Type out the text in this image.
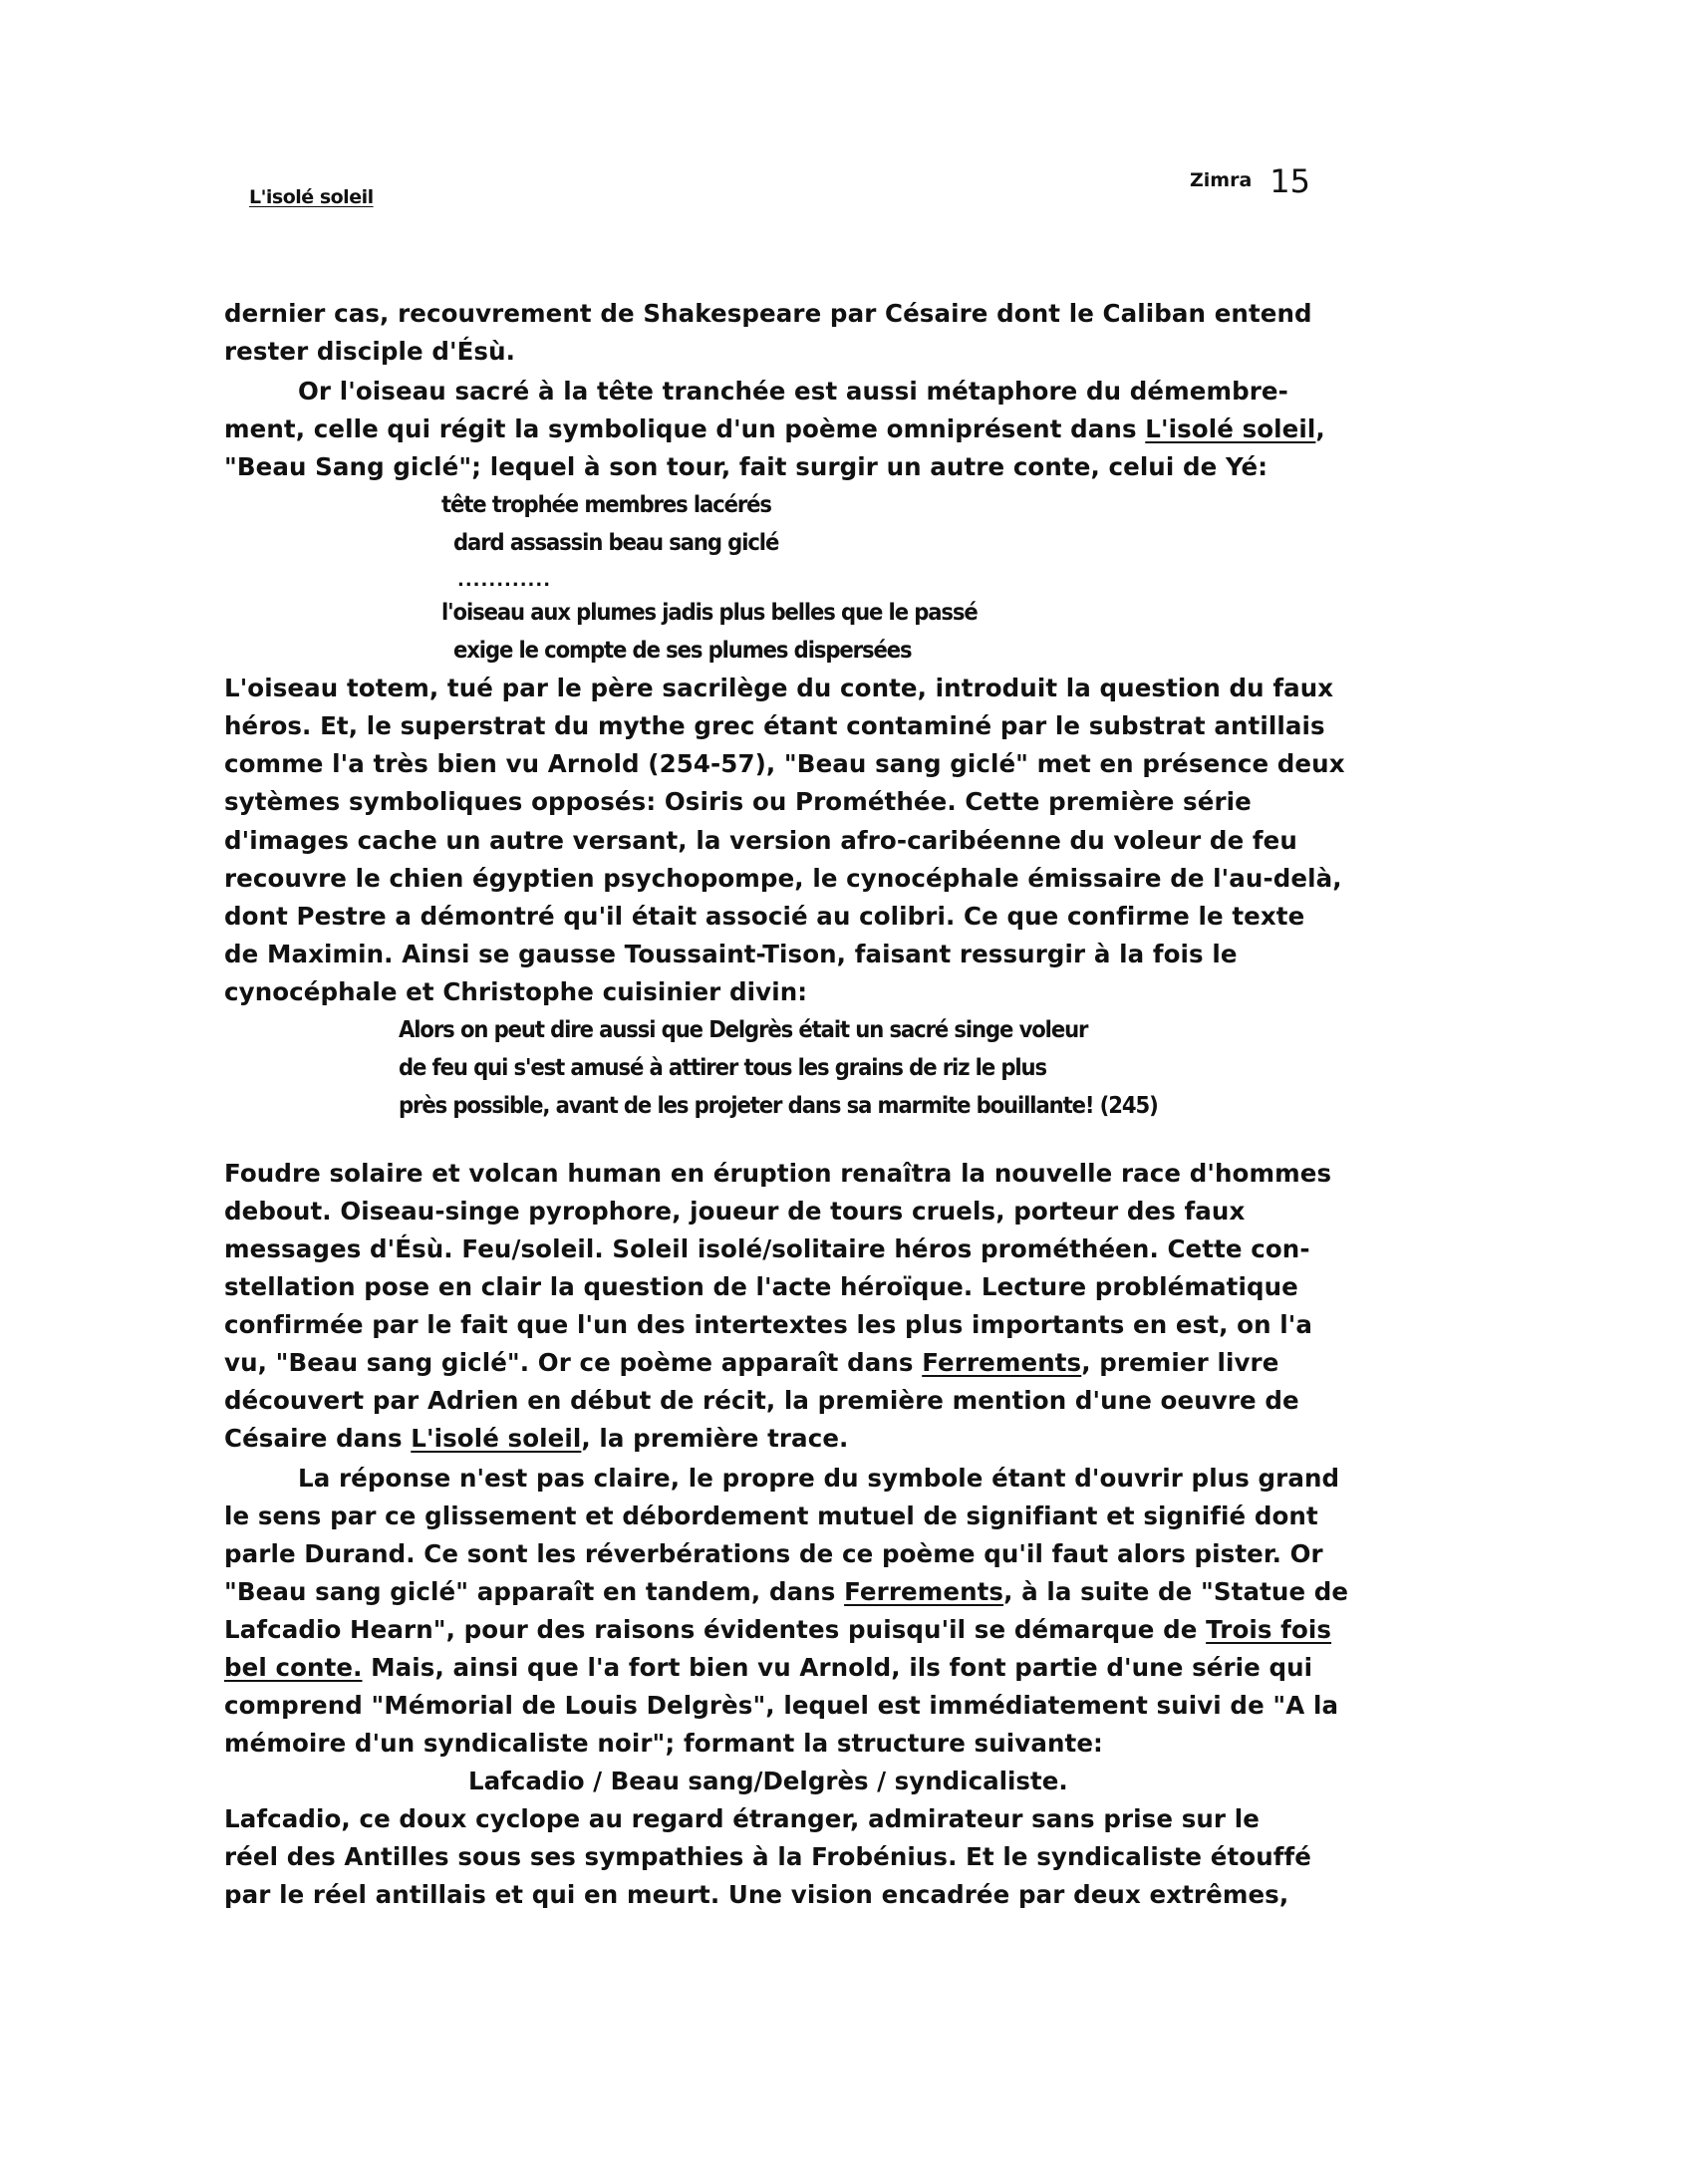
L'isolé soleil
Zimra 15
dernier cas, recouvrement de Shakespeare par Césaire dont le Caliban entend
rester disciple d'Ésù.
Or l'oiseau sacré à la tête tranchée est aussi métaphore du démembre-
ment, celle qui régit la symbolique d'un poème omniprésent dans L'isolé soleil,
"Beau Sang giclé"; lequel à son tour, fait surgir un autre conte, celui de Yé:
tête trophée membres lacérés
dard assassin beau sang giclé
............
l'oiseau aux plumes jadis plus belles que le passé
exige le compte de ses plumes dispersées
L'oiseau totem, tué par le père sacrilège du conte, introduit la question du faux
héros. Et, le superstrat du mythe grec étant contaminé par le substrat antillais
comme l'a très bien vu Arnold (254-57), "Beau sang giclé" met en présence deux
sytèmes symboliques opposés: Osiris ou Prométhée. Cette première série
d'images cache un autre versant, la version afro-caribéenne du voleur de feu
recouvre le chien égyptien psychopompe, le cynocéphale émissaire de l'au-delà,
dont Pestre a démontré qu'il était associé au colibri. Ce que confirme le texte
de Maximin. Ainsi se gausse Toussaint-Tison, faisant ressurgir à la fois le
cynocéphale et Christophe cuisinier divin:
Alors on peut dire aussi que Delgrès était un sacré singe voleur
de feu qui s'est amusé à attirer tous les grains de riz le plus
près possible, avant de les projeter dans sa marmite bouillante! (245)
Foudre solaire et volcan human en éruption renaîtra la nouvelle race d'hommes
debout. Oiseau-singe pyrophore, joueur de tours cruels, porteur des faux
messages d'Ésù. Feu/soleil. Soleil isolé/solitaire héros prométhéen. Cette con-
stellation pose en clair la question de l'acte héroïque. Lecture problématique
confirmée par le fait que l'un des intertextes les plus importants en est, on l'a
vu, "Beau sang giclé". Or ce poème apparaît dans Ferrements, premier livre
découvert par Adrien en début de récit, la première mention d'une oeuvre de
Césaire dans L'isolé soleil, la première trace.
La réponse n'est pas claire, le propre du symbole étant d'ouvrir plus grand
le sens par ce glissement et débordement mutuel de signifiant et signifié dont
parle Durand. Ce sont les réverbérations de ce poème qu'il faut alors pister. Or
"Beau sang giclé" apparaît en tandem, dans Ferrements, à la suite de "Statue de
Lafcadio Hearn", pour des raisons évidentes puisqu'il se démarque de Trois fois
bel conte. Mais, ainsi que l'a fort bien vu Arnold, ils font partie d'une série qui
comprend "Mémorial de Louis Delgrès", lequel est immédiatement suivi de "A la
mémoire d'un syndicaliste noir"; formant la structure suivante:
Lafcadio / Beau sang/Delgrès / syndicaliste.
Lafcadio, ce doux cyclope au regard étranger, admirateur sans prise sur le
réel des Antilles sous ses sympathies à la Frobénius. Et le syndicaliste étouffé
par le réel antillais et qui en meurt. Une vision encadrée par deux extrêmes,
